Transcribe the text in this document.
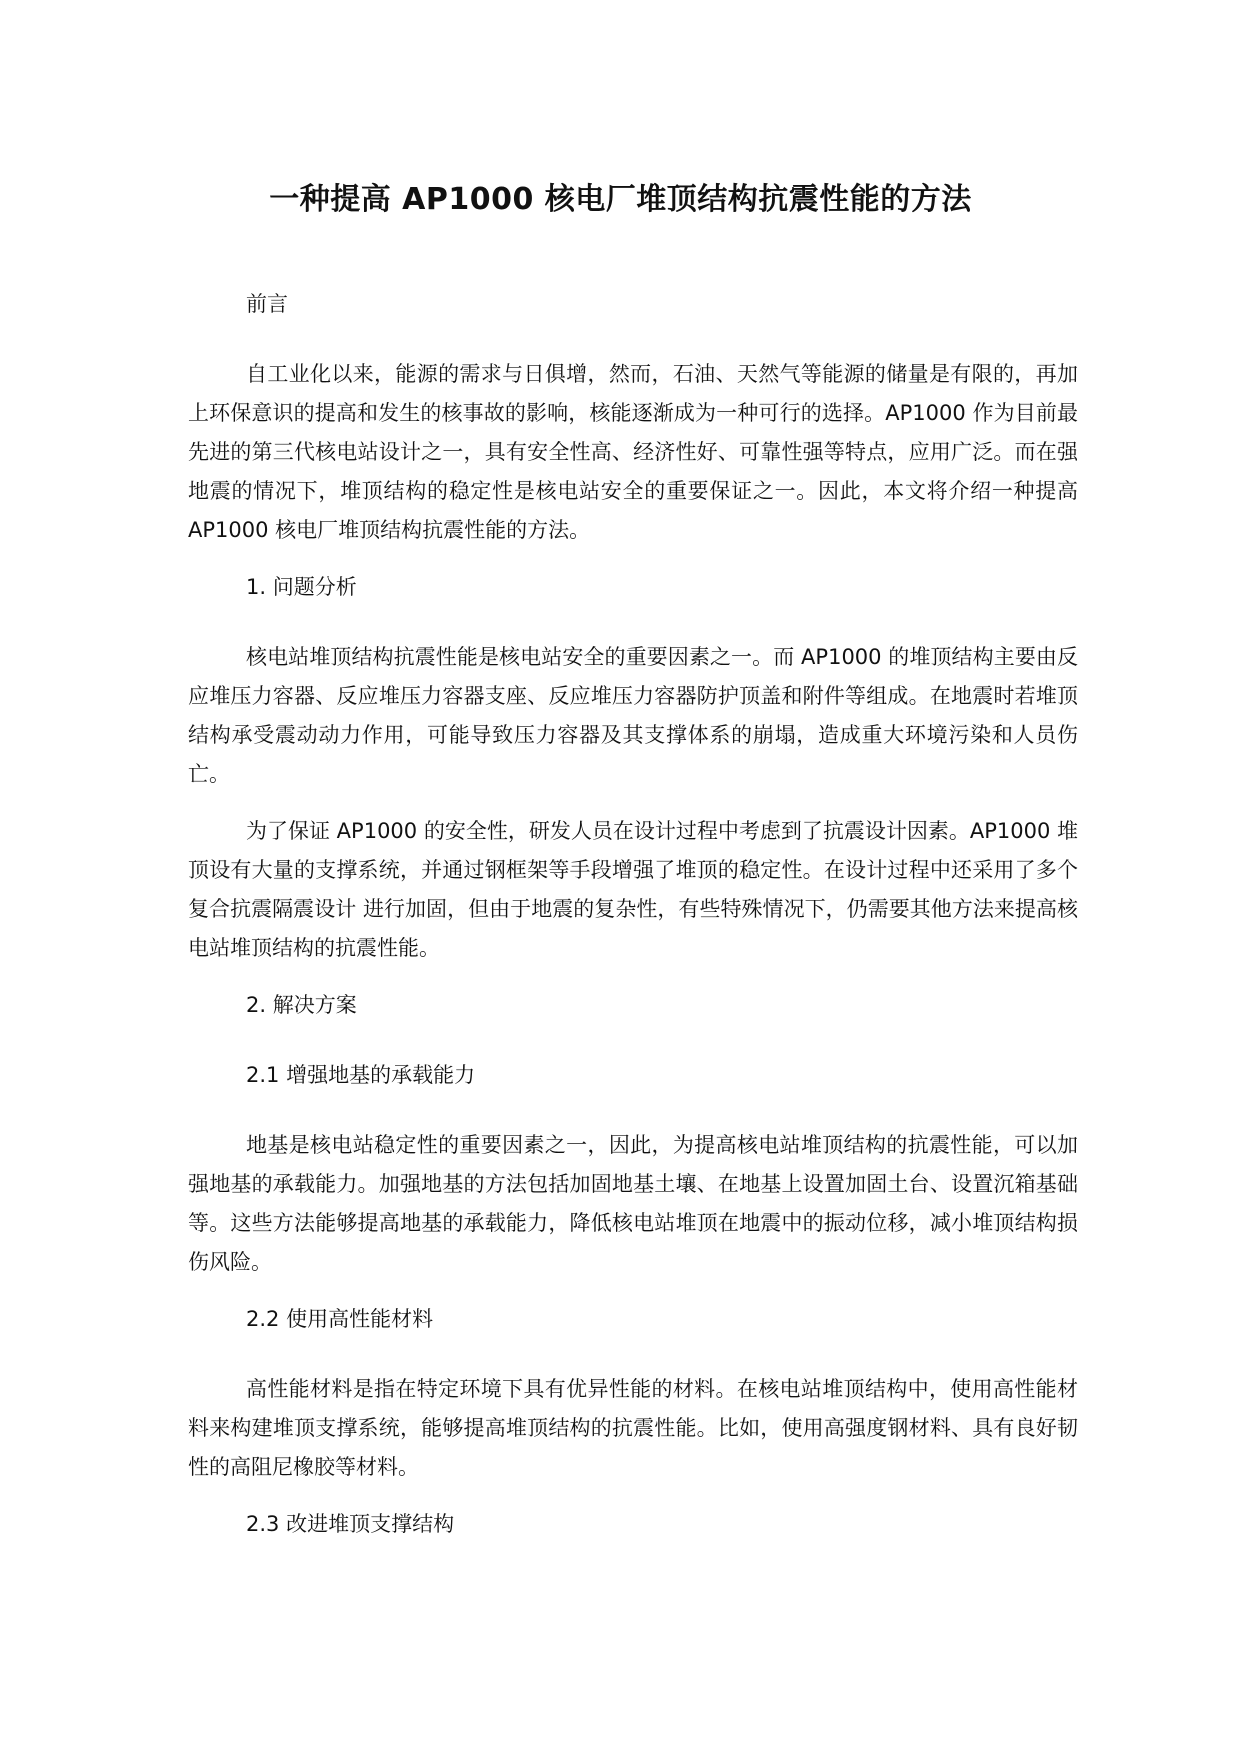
一种提高 AP1000 核电厂堆顶结构抗震性能的方法

前言

自工业化以来，能源的需求与日俱增，然而，石油、天然气等能源的储量是有限的，再加上环保意识的提高和发生的核事故的影响，核能逐渐成为一种可行的选择。AP1000 作为目前最先进的第三代核电站设计之一，具有安全性高、经济性好、可靠性强等特点，应用广泛。而在强地震的情况下，堆顶结构的稳定性是核电站安全的重要保证之一。因此，本文将介绍一种提高 AP1000 核电厂堆顶结构抗震性能的方法。

1. 问题分析

核电站堆顶结构抗震性能是核电站安全的重要因素之一。而 AP1000 的堆顶结构主要由反应堆压力容器、反应堆压力容器支座、反应堆压力容器防护顶盖和附件等组成。在地震时若堆顶结构承受震动动力作用，可能导致压力容器及其支撑体系的崩塌，造成重大环境污染和人员伤亡。

为了保证 AP1000 的安全性，研发人员在设计过程中考虑到了抗震设计因素。AP1000 堆顶设有大量的支撑系统，并通过钢框架等手段增强了堆顶的稳定性。在设计过程中还采用了多个复合抗震隔震设计 进行加固，但由于地震的复杂性，有些特殊情况下，仍需要其他方法来提高核电站堆顶结构的抗震性能。

2. 解决方案

2.1 增强地基的承载能力

地基是核电站稳定性的重要因素之一，因此，为提高核电站堆顶结构的抗震性能，可以加强地基的承载能力。加强地基的方法包括加固地基土壤、在地基上设置加固土台、设置沉箱基础等。这些方法能够提高地基的承载能力，降低核电站堆顶在地震中的振动位移，减小堆顶结构损伤风险。

2.2 使用高性能材料

高性能材料是指在特定环境下具有优异性能的材料。在核电站堆顶结构中，使用高性能材料来构建堆顶支撑系统，能够提高堆顶结构的抗震性能。比如，使用高强度钢材料、具有良好韧性的高阻尼橡胶等材料。

2.3 改进堆顶支撑结构
